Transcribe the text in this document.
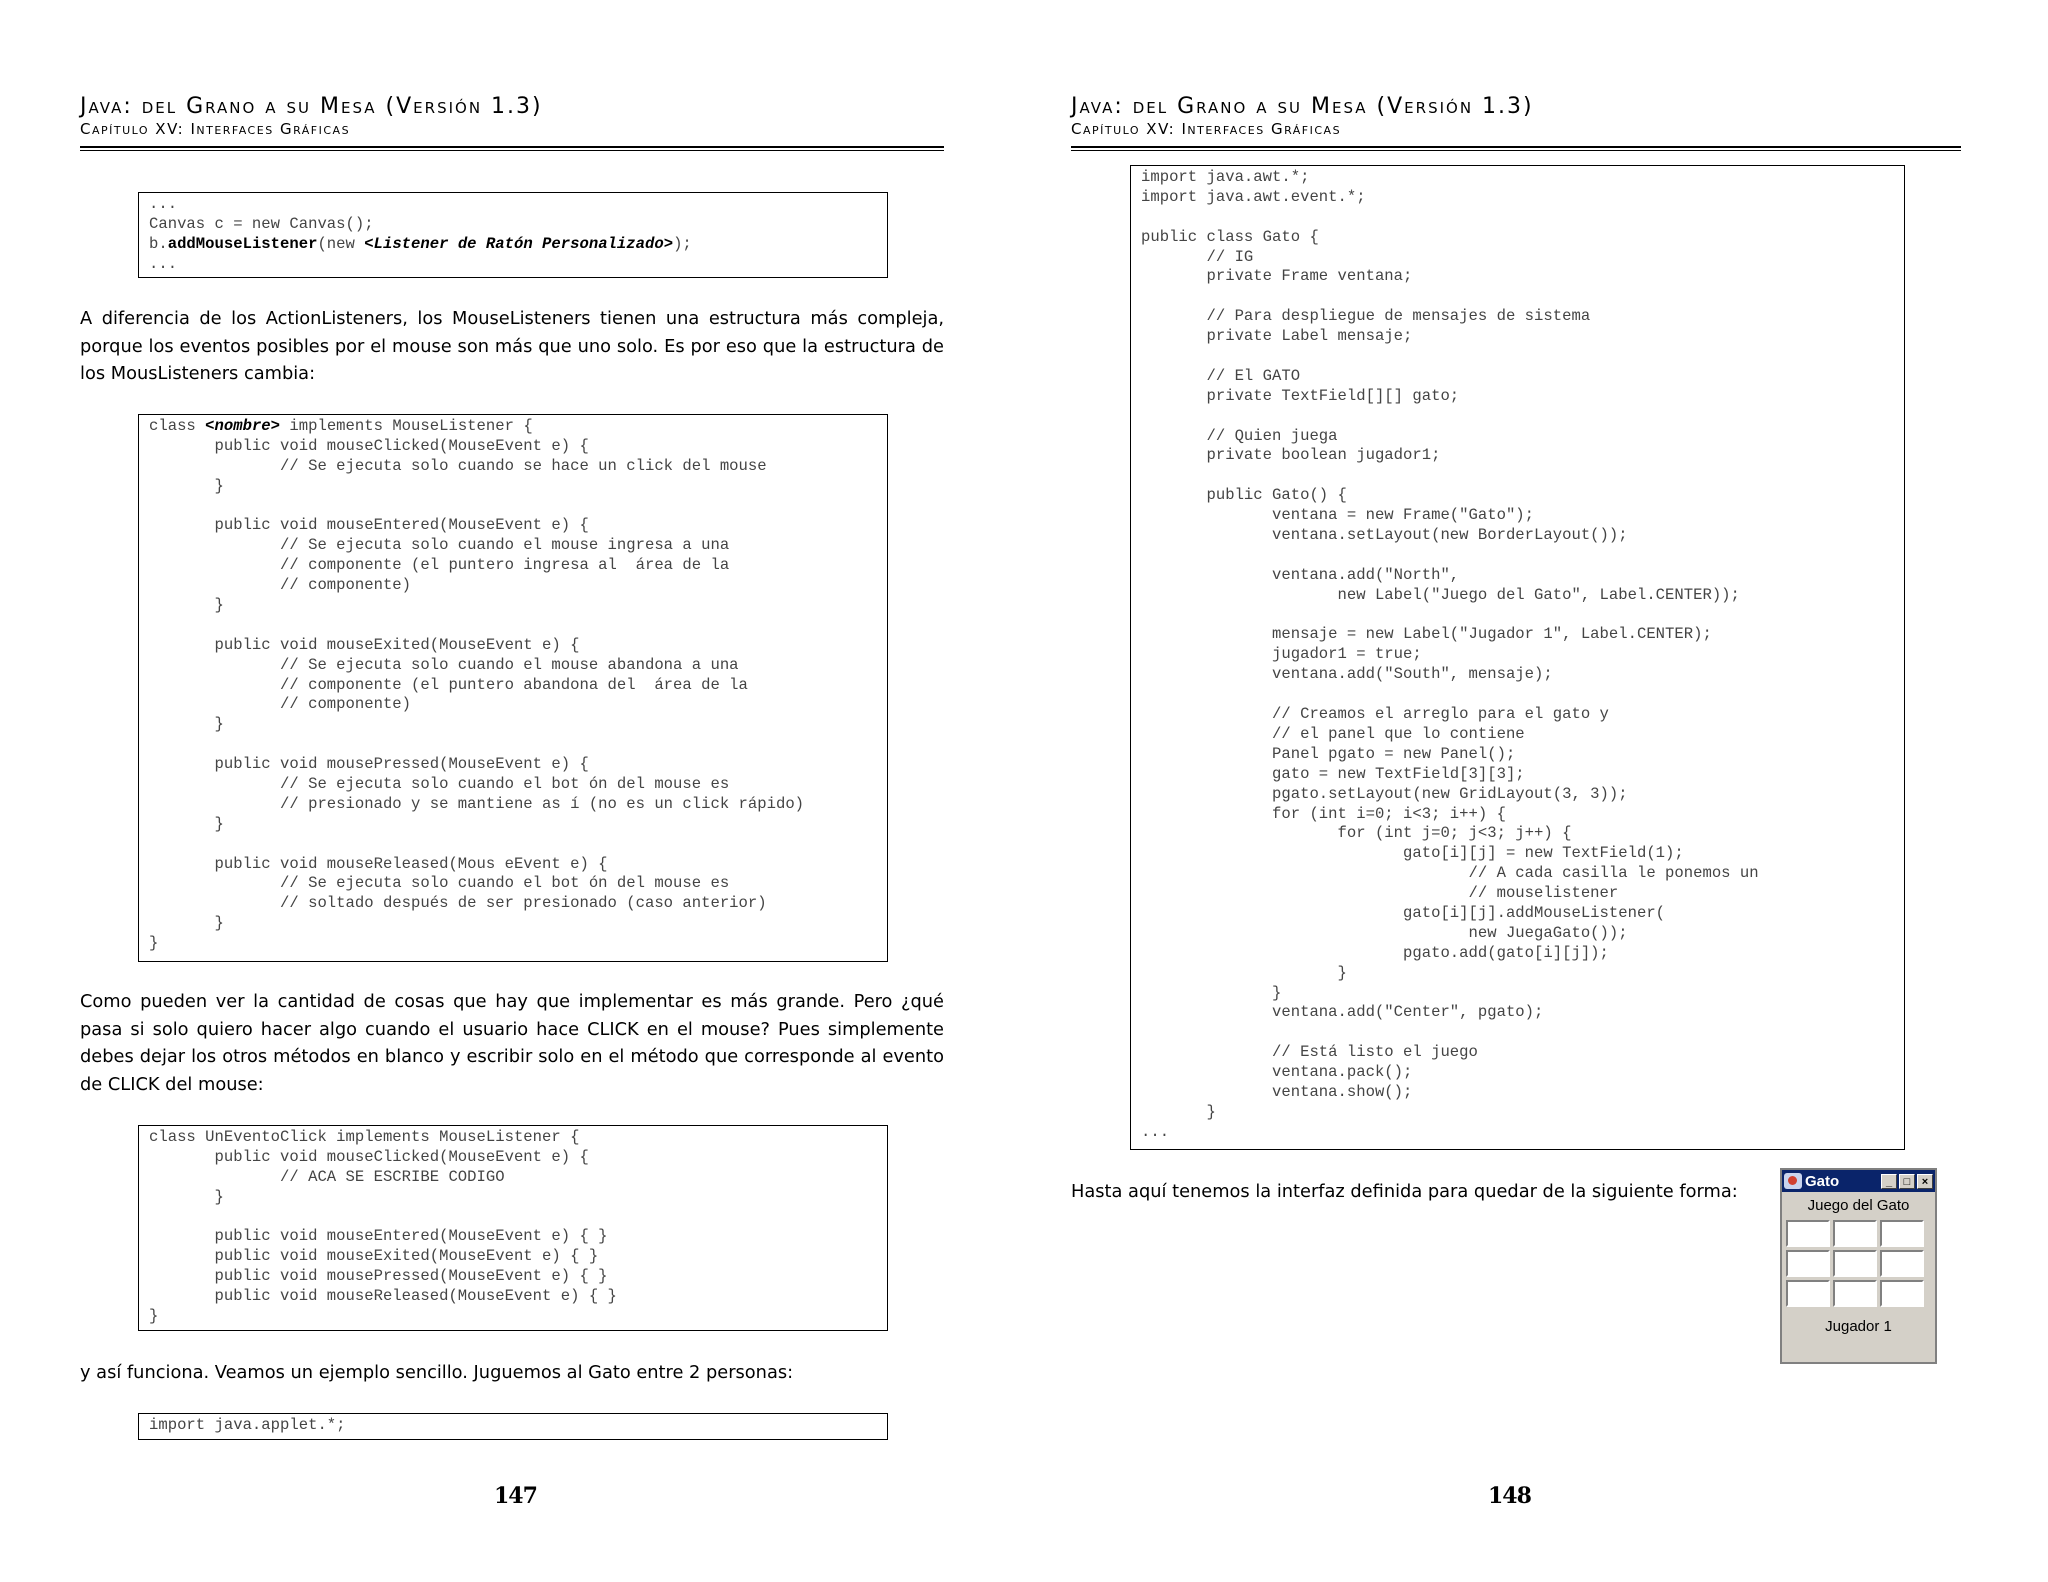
Java: del Grano a su Mesa (Versión 1.3)
Capítulo XV: Interfaces Gráficas
...
Canvas c = new Canvas();
b.addMouseListener(new <Listener de Ratón Personalizado>);
...

A diferencia de los ActionListeners, los MouseListeners tienen una estructura más compleja, porque los eventos posibles por el mouse son más que uno solo. Es por eso que la estructura de los MousListeners cambia:

class <nombre> implements MouseListener {
public void mouseClicked(MouseEvent e) {
// Se ejecuta solo cuando se hace un click del mouse
}
public void mouseEntered(MouseEvent e) {
// Se ejecuta solo cuando el mouse ingresa a una
// componente (el puntero ingresa al  área de la
// componente)
}
public void mouseExited(MouseEvent e) {
// Se ejecuta solo cuando el mouse abandona a una
// componente (el puntero abandona del  área de la
// componente)
}
public void mousePressed(MouseEvent e) {
// Se ejecuta solo cuando el bot ón del mouse es
// presionado y se mantiene as í (no es un click rápido)
}
public void mouseReleased(Mous eEvent e) {
// Se ejecuta solo cuando el bot ón del mouse es
// soltado después de ser presionado (caso anterior)
}
}

Como pueden ver la cantidad de cosas que hay que implementar es más grande. Pero ¿qué pasa si solo quiero hacer algo cuando el usuario hace CLICK en el mouse? Pues simplemente debes dejar los otros métodos en blanco y escribir solo en el método que corresponde al evento de CLICK del mouse:

class UnEventoClick implements MouseListener {
public void mouseClicked(MouseEvent e) {
// ACA SE ESCRIBE CODIGO
}
public void mouseEntered(MouseEvent e) { }
public void mouseExited(MouseEvent e) { }
public void mousePressed(MouseEvent e) { }
public void mouseReleased(MouseEvent e) { }
}

y así funciona. Veamos un ejemplo sencillo. Juguemos al Gato entre 2 personas:

import java.applet.*;
147
Java: del Grano a su Mesa (Versión 1.3)
Capítulo XV: Interfaces Gráficas
import java.awt.*;
import java.awt.event.*;
public class Gato {
// IG
private Frame ventana;
// Para despliegue de mensajes de sistema
private Label mensaje;
// El GATO
private TextField[][] gato;
// Quien juega
private boolean jugador1;
public Gato() {
ventana = new Frame("Gato");
ventana.setLayout(new BorderLayout());
ventana.add("North",
new Label("Juego del Gato", Label.CENTER));
mensaje = new Label("Jugador 1", Label.CENTER);
jugador1 = true;
ventana.add("South", mensaje);
// Creamos el arreglo para el gato y
// el panel que lo contiene
Panel pgato = new Panel();
gato = new TextField[3][3];
pgato.setLayout(new GridLayout(3, 3));
for (int i=0; i<3; i++) {
for (int j=0; j<3; j++) {
gato[i][j] = new TextField(1);
// A cada casilla le ponemos un
// mouselistener
gato[i][j].addMouseListener(
new JuegaGato());
pgato.add(gato[i][j]);
}
}
ventana.add("Center", pgato);
// Está listo el juego
ventana.pack();
ventana.show();
}
...

Hasta aquí tenemos la interfaz definida para quedar de la siguiente forma:	Gato	_	□	×
Juego del Gato
Jugador 1
148
